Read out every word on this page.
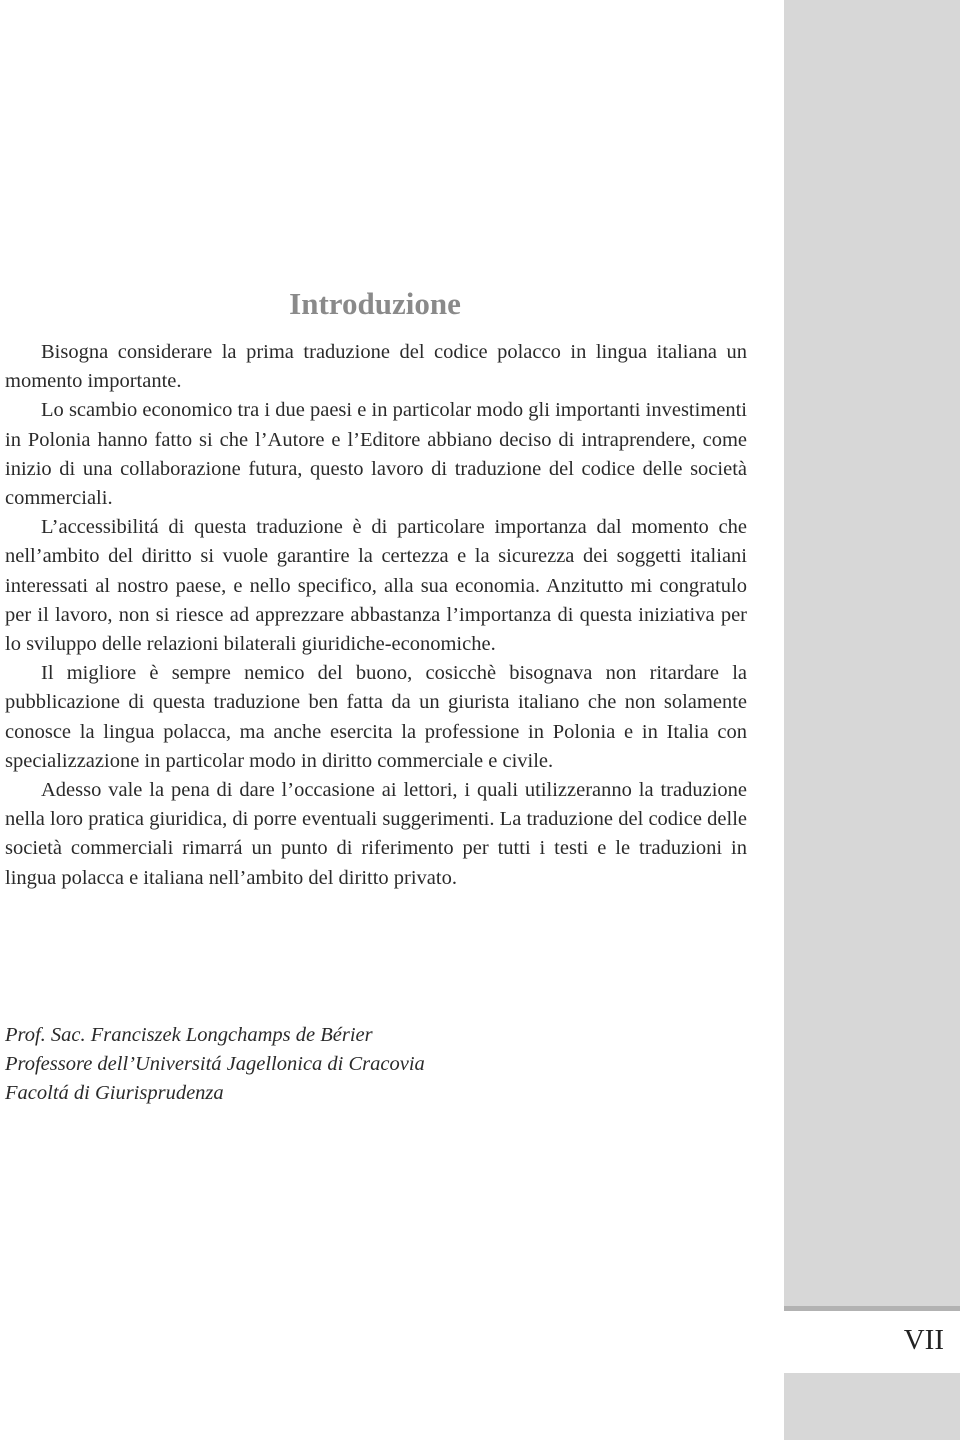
VII
Introduzione

Bisogna considerare la prima traduzione del codice polacco in lingua italiana un momento importante.

Lo scambio economico tra i due paesi e in particolar modo gli importanti investimenti in Polonia hanno fatto si che l’Autore e l’Editore abbiano deciso di intraprendere, come inizio di una collaborazione futura, questo lavoro di traduzione del codice delle società commerciali.

L’accessibilitá di questa traduzione è di particolare importanza dal momento che nell’ambito del diritto si vuole garantire la certezza e la sicurezza dei soggetti italiani interessati al nostro paese, e nello specifico, alla sua economia. Anzitutto mi congratulo per il lavoro, non si riesce ad apprezzare abbastanza l’importanza di questa iniziativa per lo sviluppo delle relazioni bilaterali giuridiche-economiche.

Il migliore è sempre nemico del buono, cosicchè bisognava non ritardare la pubblicazione di questa traduzione ben fatta da un giurista italiano che non solamente conosce la lingua polacca, ma anche esercita la professione in Polonia e in Italia con specializzazione in particolar modo in diritto commerciale e civile.

Adesso vale la pena di dare l’occasione ai lettori, i quali utilizzeranno la traduzione nella loro pratica giuridica, di porre eventuali suggerimenti. La traduzione del codice delle società commerciali rimarrá un punto di riferimento per tutti i testi e le traduzioni in lingua polacca e italiana nell’ambito del diritto privato.

Prof. Sac. Franciszek Longchamps de Bérier
Professore dell’Universitá Jagellonica di Cracovia
Facoltá di Giurisprudenza
